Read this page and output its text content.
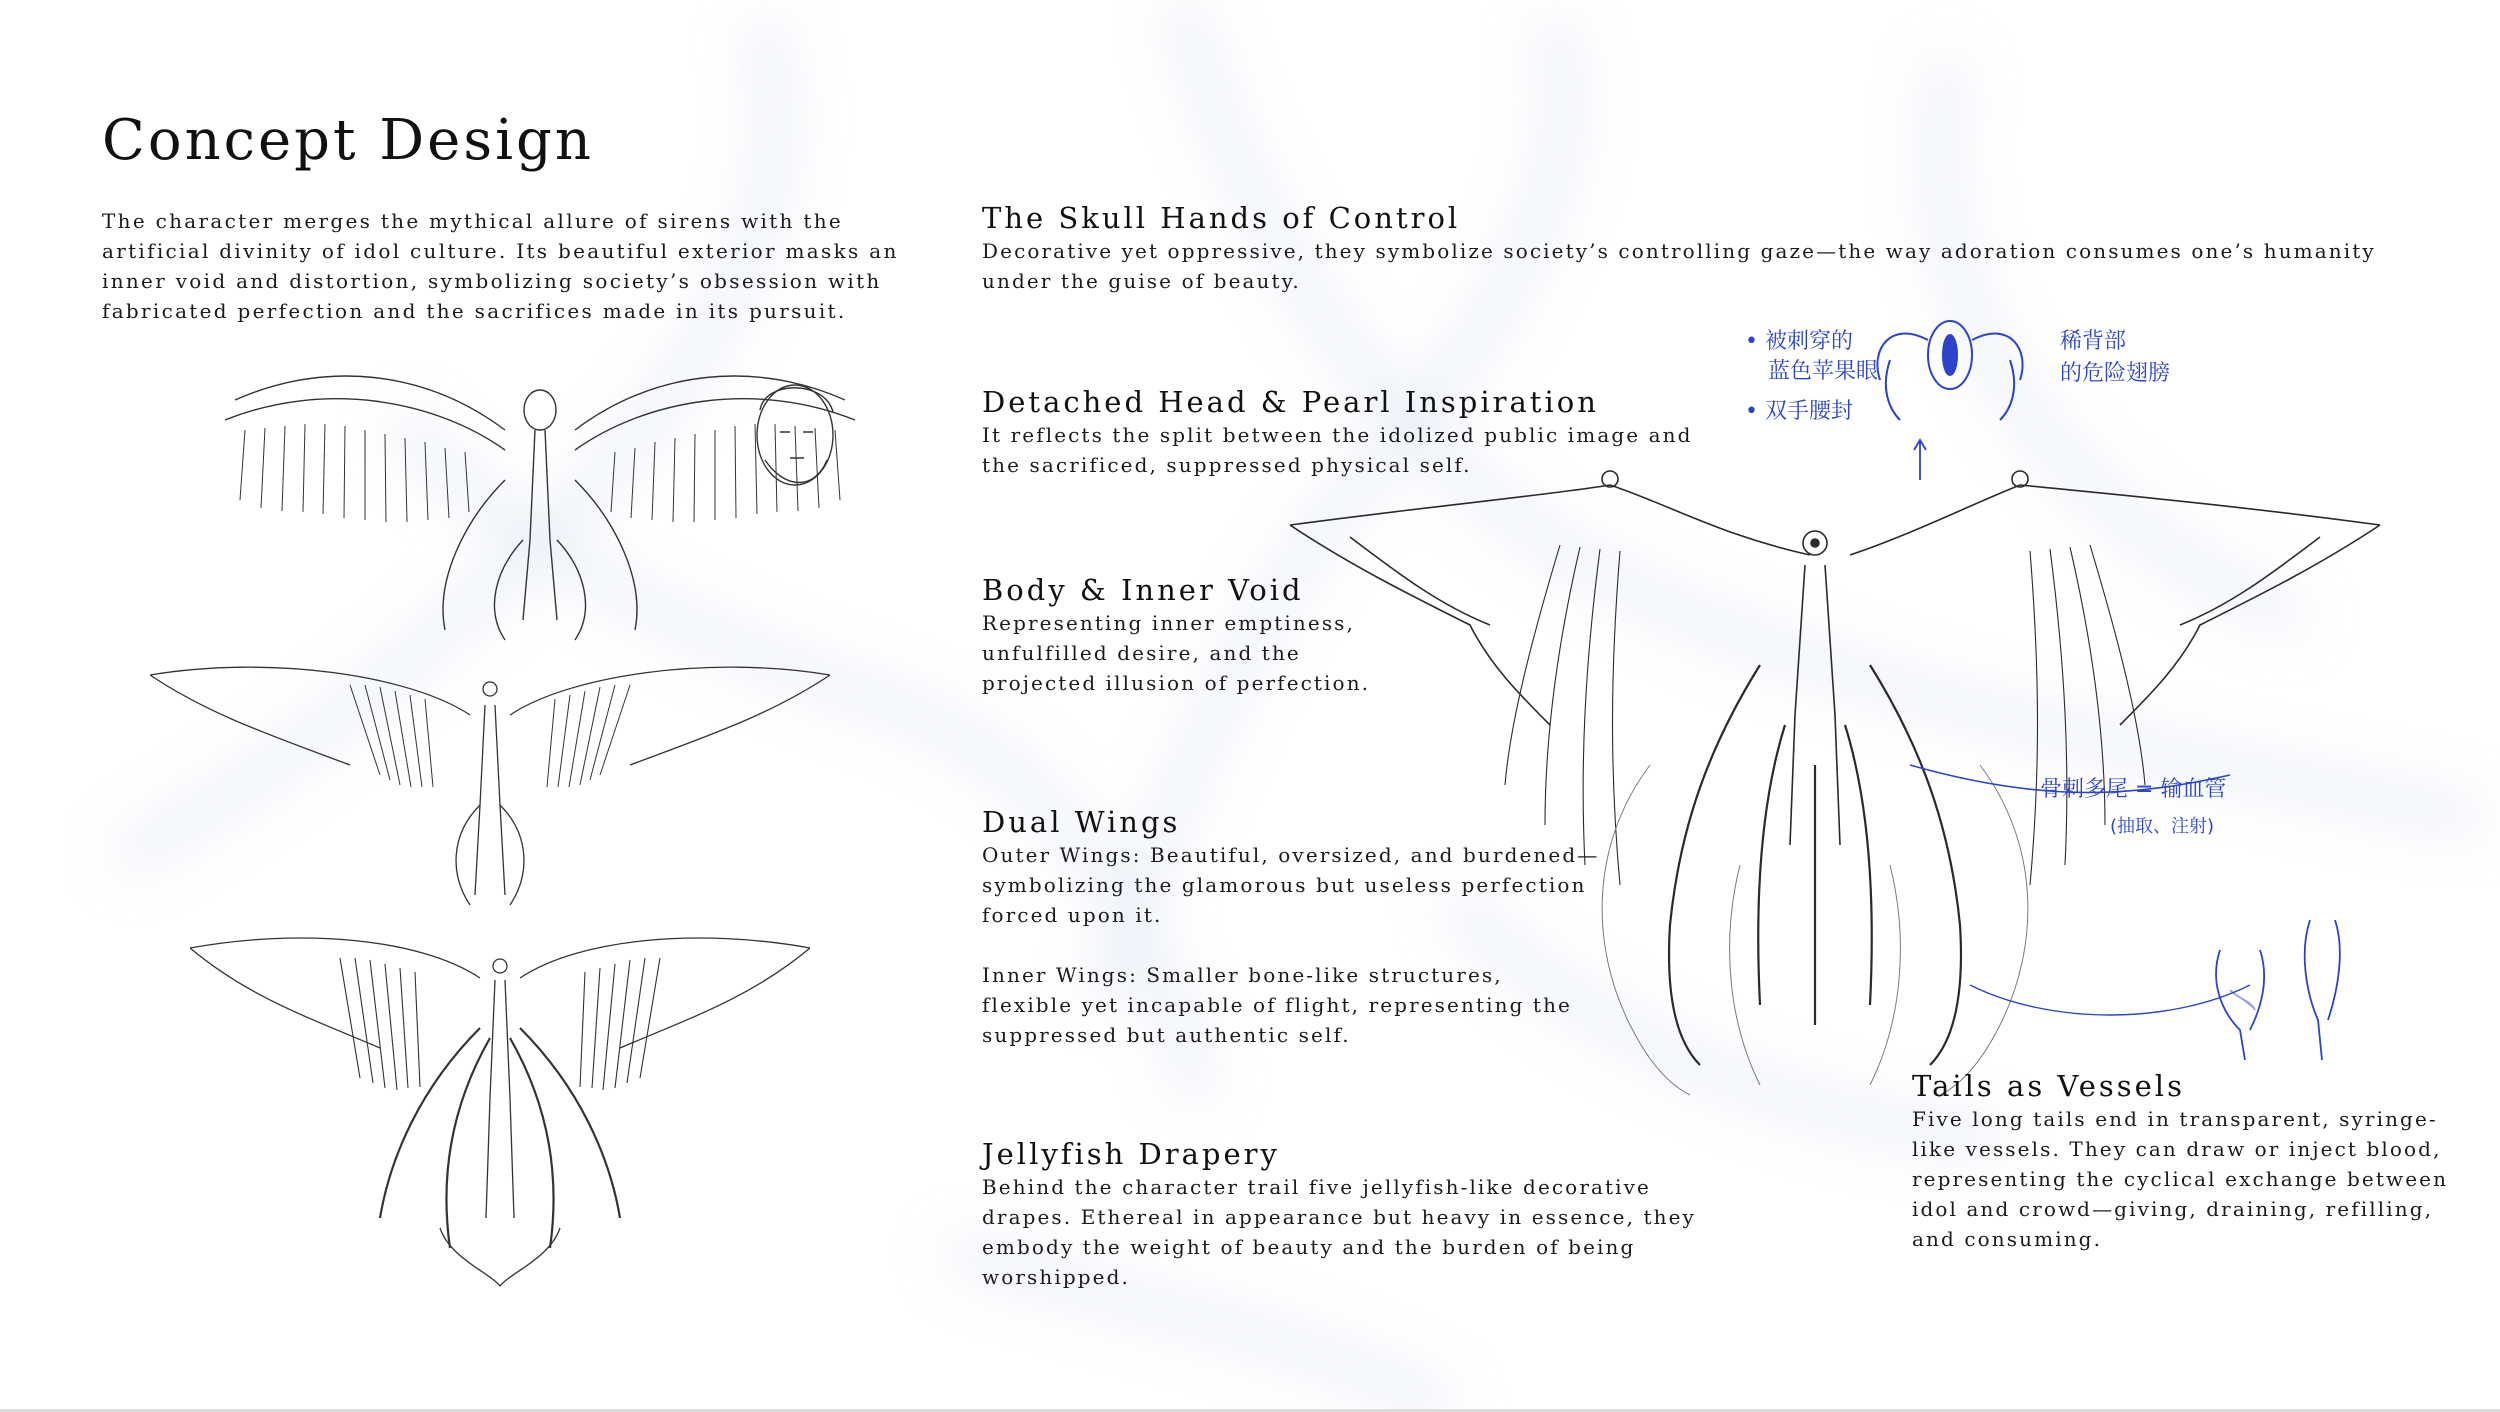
Concept Design

The character merges the mythical allure of sirens with the artificial divinity of idol culture. Its beautiful exterior masks an inner void and distortion, symbolizing society’s obsession with fabricated perfection and the sacrifices made in its pursuit.

• 被刺穿的
蓝色苹果眼
• 双手腰封
稀背部
的危险翅膀
骨刺多尾 = 输血管
(抽取、注射)
The Skull Hands of Control

Decorative yet oppressive, they symbolize society’s controlling gaze—the way adoration consumes one’s humanity under the guise of beauty.

Detached Head & Pearl Inspiration

It reflects the split between the idolized public image and the sacrificed, suppressed physical self.

Body & Inner Void

Representing inner emptiness, unfulfilled desire, and the projected illusion of perfection.

Dual Wings

Outer Wings: Beautiful, oversized, and burdened—symbolizing the glamorous but useless perfection forced upon it.

Inner Wings: Smaller bone-like structures, flexible yet incapable of flight, representing the suppressed but authentic self.

Jellyfish Drapery

Behind the character trail five jellyfish-like decorative drapes. Ethereal in appearance but heavy in essence, they embody the weight of beauty and the burden of being worshipped.

Tails as Vessels

Five long tails end in transparent, syringe-like vessels. They can draw or inject blood, representing the cyclical exchange between idol and crowd—giving, draining, refilling, and consuming.
